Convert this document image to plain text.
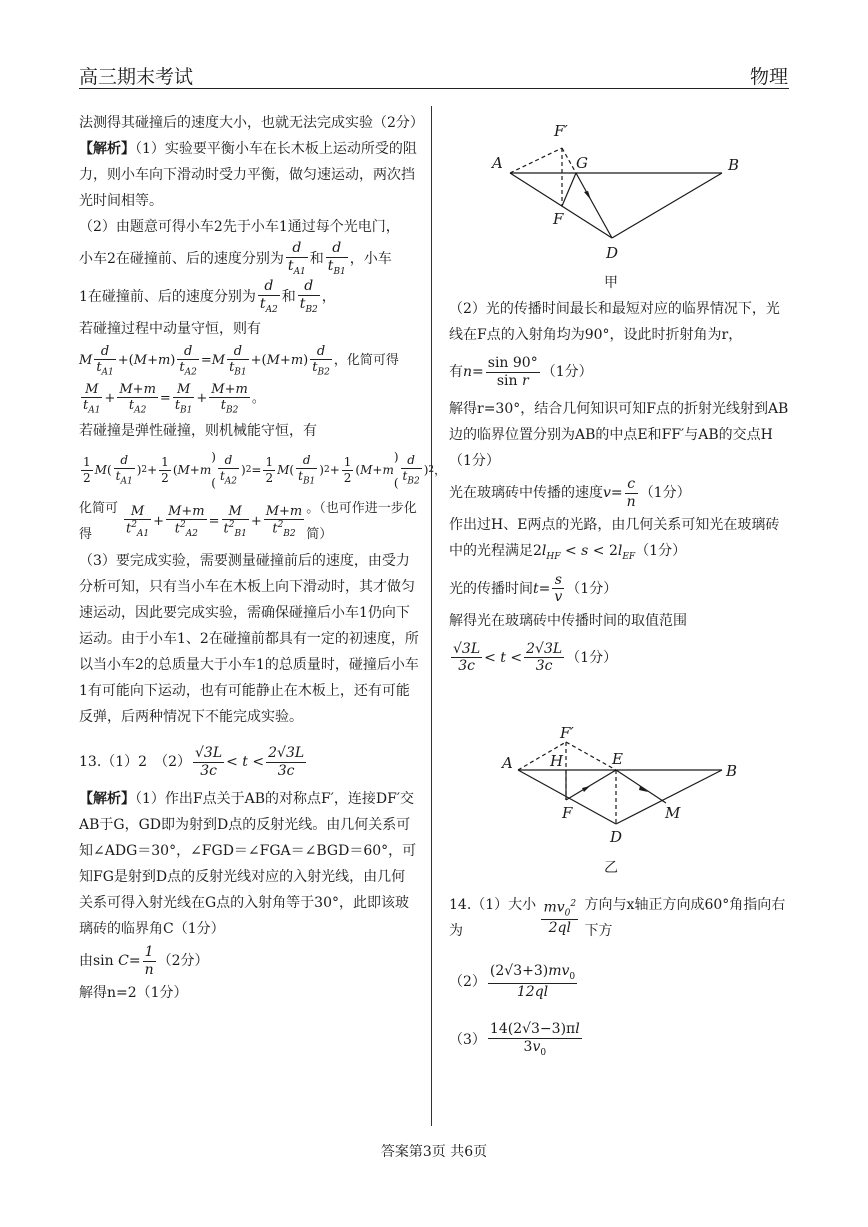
高三期末考试	物理

法测得其碰撞后的速度大小，也就无法完成实验（2分）

【解析】（1）实验要平衡小车在长木板上运动所受的阻力，则小车向下滑动时受力平衡，做匀速运动，两次挡光时间相等。

（2）由题意可得小车2先于小车1通过每个光电门，

小车2在碰撞前、后的速度分别为 $\frac{d}{t_{A1}}$ 和 $\frac{d}{t_{B1}}$ ，小车

1在碰撞前、后的速度分别为 $\frac{d}{t_{A2}}$ 和 $\frac{d}{t_{B2}}$ ，

若碰撞过程中动量守恒，则有

M $\frac{d}{t_{A1}}$ +( M + m ) $\frac{d}{t_{A2}} = M \frac{d}{t_{B1}}$ +( M + m ) $\frac{d}{t_{B2}}$ ，化简可得

$\frac{M}{t_{A1}} + \frac{M+m}{t_{A2}} = \frac{M}{t_{B1}} + \frac{M+m}{t_{B2}}$ 。

若碰撞是弹性碰撞，则机械能守恒，有

$\frac{1}{2}$ M ( $\frac{d}{t_{A1}}$ ) $2 + \frac{1}{2}$ ( M + m
)( $\frac{d}{t_{A2}}$ ) $2 = \frac{1}{2}$ M ( $\frac{d}{t_{B1}}$ ) $2 + \frac{1}{2}$ ( M + m
)( $\frac{d}{t_{B2}}$ ) 2 ，

化简可得	$\frac{M}{t^2_{A1}} + \frac{M+m}{t^2_{A2}} = \frac{M}{t^2_{B1}} + \frac{M+m}{t^2_{B2}}$ 。（也可作进一步化简）

（3）要完成实验，需要测量碰撞前后的速度，由受力分析可知，只有当小车在木板上向下滑动时，其才做匀速运动，因此要完成实验，需确保碰撞后小车1仍向下运动。由于小车1、2在碰撞前都具有一定的初速度，所以当小车2的总质量大于小车1的总质量时，碰撞后小车1有可能向下运动，也有可能静止在木板上，还有可能反弹，后两种情况下不能完成实验。

13.（1）2　$(2) \frac{√3L}{3c} < t < \frac{2√3L}{3c}$

【解析】（1）作出F点关于AB的对称点F′，连接DF′交AB于G，GD即为射到D点的反射光线。由几何关系可知∠ADG＝30°，∠FGD＝∠FGA＝∠BGD＝60°，可知FG是射到D点的反射光线对应的入射光线，由几何关系可得入射光线在G点的入射角等于30°，此即该玻璃砖的临界角C（1分）

由 $\sin C = \frac{1}{n} (2$分）

解得n=2（1分）

A	B
D
F
F′
G
甲

（2）光的传播时间最长和最短对应的临界情况下，光线在F点的入射角均为90°，设此时折射角为r，

有 $n = \frac{\sin 90^\circ}{\text{sin r}} (1$分）

解得r=30°，结合几何知识可知F点的折射光线射到AB边的临界位置分别为AB的中点E和FF′与AB的交点H（1分）

光在玻璃砖中传播的速度 $v = \frac{c}{n} (1$分）

作出过H、E两点的光路，由几何关系可知光在玻璃砖中的光程满足$2l_{HF} < s < 2l_{EF}(1$分）

光的传播时间 $t = \frac{s}{v} (1$分）

解得光在玻璃砖中传播时间的取值范围

$\frac{√3L}{3c} < t < \frac{2√3L}{3c} (1$分）

A	B
D
F
F′
E
H
M
乙

14.（1）大小为	$\frac{mv_0^2}{2ql}$
方向与x轴正方向成60°角指向右下方

$(2) \frac{(2√3+3)mv_0}{12ql}$

$(3) \frac{14(2√3-3)\pi l}{3v_0}$

答案第3页 共6页
